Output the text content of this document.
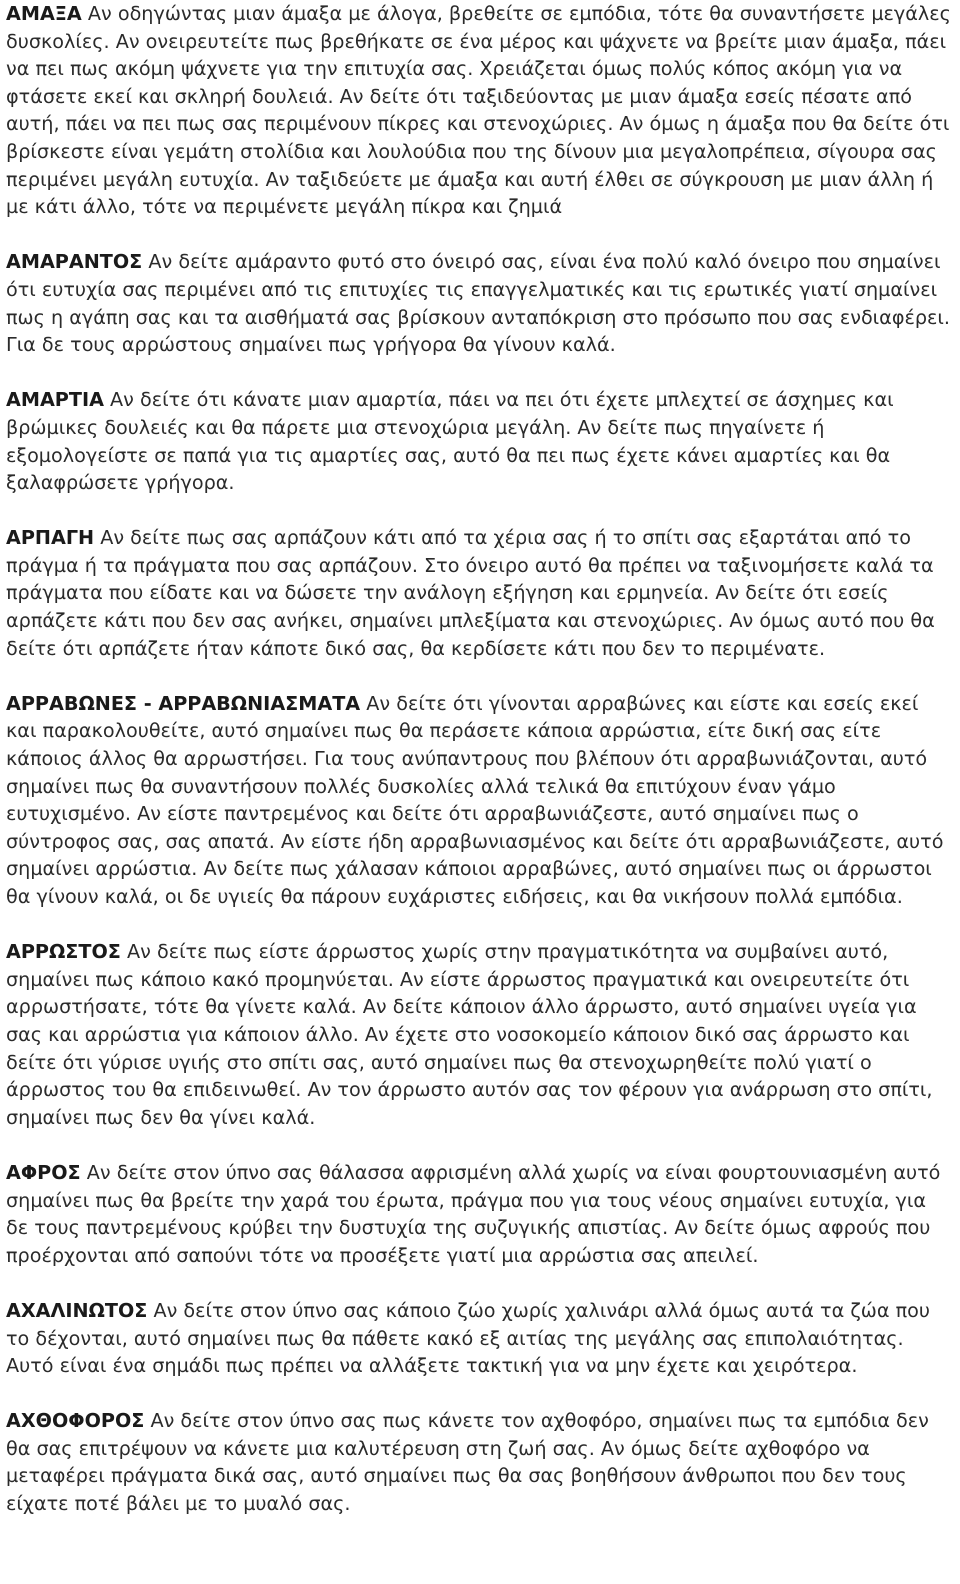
ΑΜΑΞΑ Αν οδηγώντας μιαν άμαξα με άλογα, βρεθείτε σε εμπόδια, τότε θα συναντήσετε μεγάλες δυσκολίες. Αν ονειρευτείτε πως βρεθήκατε σε ένα μέρος και ψάχνετε να βρείτε μιαν άμαξα, πάει να πει πως ακόμη ψάχνετε για την επιτυχία σας. Χρειάζεται όμως πολύς κόπος ακόμη για να φτάσετε εκεί και σκληρή δουλειά. Αν δείτε ότι ταξιδεύοντας με μιαν άμαξα εσείς πέσατε από αυτή, πάει να πει πως σας περιμένουν πίκρες και στενοχώριες. Αν όμως η άμαξα που θα δείτε ότι βρίσκεστε είναι γεμάτη στολίδια και λουλούδια που της δίνουν μια μεγαλοπρέπεια, σίγουρα σας περιμένει μεγάλη ευτυχία. Αν ταξιδεύετε με άμαξα και αυτή έλθει σε σύγκρουση με μιαν άλλη ή με κάτι άλλο, τότε να περιμένετε μεγάλη πίκρα και ζημιά

ΑΜΑΡΑΝΤΟΣ Αν δείτε αμάραντο φυτό στο όνειρό σας, είναι ένα πολύ καλό όνειρο που σημαίνει ότι ευτυχία σας περιμένει από τις επιτυχίες τις επαγγελματικές και τις ερωτικές γιατί σημαίνει πως η αγάπη σας και τα αισθήματά σας βρίσκουν ανταπόκριση στο πρόσωπο που σας ενδιαφέρει. Για δε τους αρρώστους σημαίνει πως γρήγορα θα γίνουν καλά.

ΑΜΑΡΤΙΑ Αν δείτε ότι κάνατε μιαν αμαρτία, πάει να πει ότι έχετε μπλεχτεί σε άσχημες και βρώμικες δουλειές και θα πάρετε μια στενοχώρια μεγάλη. Αν δείτε πως πηγαίνετε ή εξομολογείστε σε παπά για τις αμαρτίες σας, αυτό θα πει πως έχετε κάνει αμαρτίες και θα ξαλαφρώσετε γρήγορα.

ΑΡΠΑΓΗ Αν δείτε πως σας αρπάζουν κάτι από τα χέρια σας ή το σπίτι σας εξαρτάται από το πράγμα ή τα πράγματα που σας αρπάζουν. Στο όνειρο αυτό θα πρέπει να ταξινομήσετε καλά τα πράγματα που είδατε και να δώσετε την ανάλογη εξήγηση και ερμηνεία. Αν δείτε ότι εσείς αρπάζετε κάτι που δεν σας ανήκει, σημαίνει μπλεξίματα και στενοχώριες. Αν όμως αυτό που θα δείτε ότι αρπάζετε ήταν κάποτε δικό σας, θα κερδίσετε κάτι που δεν το περιμένατε.

ΑΡΡΑΒΩΝΕΣ - ΑΡΡΑΒΩΝΙΑΣΜΑΤΑ Αν δείτε ότι γίνονται αρραβώνες και είστε και εσείς εκεί και παρακολουθείτε, αυτό σημαίνει πως θα περάσετε κάποια αρρώστια, είτε δική σας είτε κάποιος άλλος θα αρρωστήσει. Για τους ανύπαντρους που βλέπουν ότι αρραβωνιάζονται, αυτό σημαίνει πως θα συναντήσουν πολλές δυσκολίες αλλά τελικά θα επιτύχουν έναν γάμο ευτυχισμένο. Αν είστε παντρεμένος και δείτε ότι αρραβωνιάζεστε, αυτό σημαίνει πως ο σύντροφος σας, σας απατά. Αν είστε ήδη αρραβωνιασμένος και δείτε ότι αρραβωνιάζεστε, αυτό σημαίνει αρρώστια. Αν δείτε πως χάλασαν κάποιοι αρραβώνες, αυτό σημαίνει πως οι άρρωστοι θα γίνουν καλά, οι δε υγιείς θα πάρουν ευχάριστες ειδήσεις, και θα νικήσουν πολλά εμπόδια.

ΑΡΡΩΣΤΟΣ Αν δείτε πως είστε άρρωστος χωρίς στην πραγματικότητα να συμβαίνει αυτό, σημαίνει πως κάποιο κακό προμηνύεται. Αν είστε άρρωστος πραγματικά και ονειρευτείτε ότι αρρωστήσατε, τότε θα γίνετε καλά. Αν δείτε κάποιον άλλο άρρωστο, αυτό σημαίνει υγεία για σας και αρρώστια για κάποιον άλλο. Αν έχετε στο νοσοκομείο κάποιον δικό σας άρρωστο και δείτε ότι γύρισε υγιής στο σπίτι σας, αυτό σημαίνει πως θα στενοχωρηθείτε πολύ γιατί ο άρρωστος του θα επιδεινωθεί. Αν τον άρρωστο αυτόν σας τον φέρουν για ανάρρωση στο σπίτι, σημαίνει πως δεν θα γίνει καλά.

ΑΦΡΟΣ Αν δείτε στον ύπνο σας θάλασσα αφρισμένη αλλά χωρίς να είναι φουρτουνιασμένη αυτό σημαίνει πως θα βρείτε την χαρά του έρωτα, πράγμα που για τους νέους σημαίνει ευτυχία, για δε τους παντρεμένους κρύβει την δυστυχία της συζυγικής απιστίας. Αν δείτε όμως αφρούς που προέρχονται από σαπούνι τότε να προσέξετε γιατί μια αρρώστια σας απειλεί.

ΑΧΑΛΙΝΩΤΟΣ Αν δείτε στον ύπνο σας κάποιο ζώο χωρίς χαλινάρι αλλά όμως αυτά τα ζώα που το δέχονται, αυτό σημαίνει πως θα πάθετε κακό εξ αιτίας της μεγάλης σας επιπολαιότητας. Αυτό είναι ένα σημάδι πως πρέπει να αλλάξετε τακτική για να μην έχετε και χειρότερα.

ΑΧΘΟΦΟΡΟΣ Αν δείτε στον ύπνο σας πως κάνετε τον αχθοφόρο, σημαίνει πως τα εμπόδια δεν θα σας επιτρέψουν να κάνετε μια καλυτέρευση στη ζωή σας. Αν όμως δείτε αχθοφόρο να μεταφέρει πράγματα δικά σας, αυτό σημαίνει πως θα σας βοηθήσουν άνθρωποι που δεν τους είχατε ποτέ βάλει με το μυαλό σας.
